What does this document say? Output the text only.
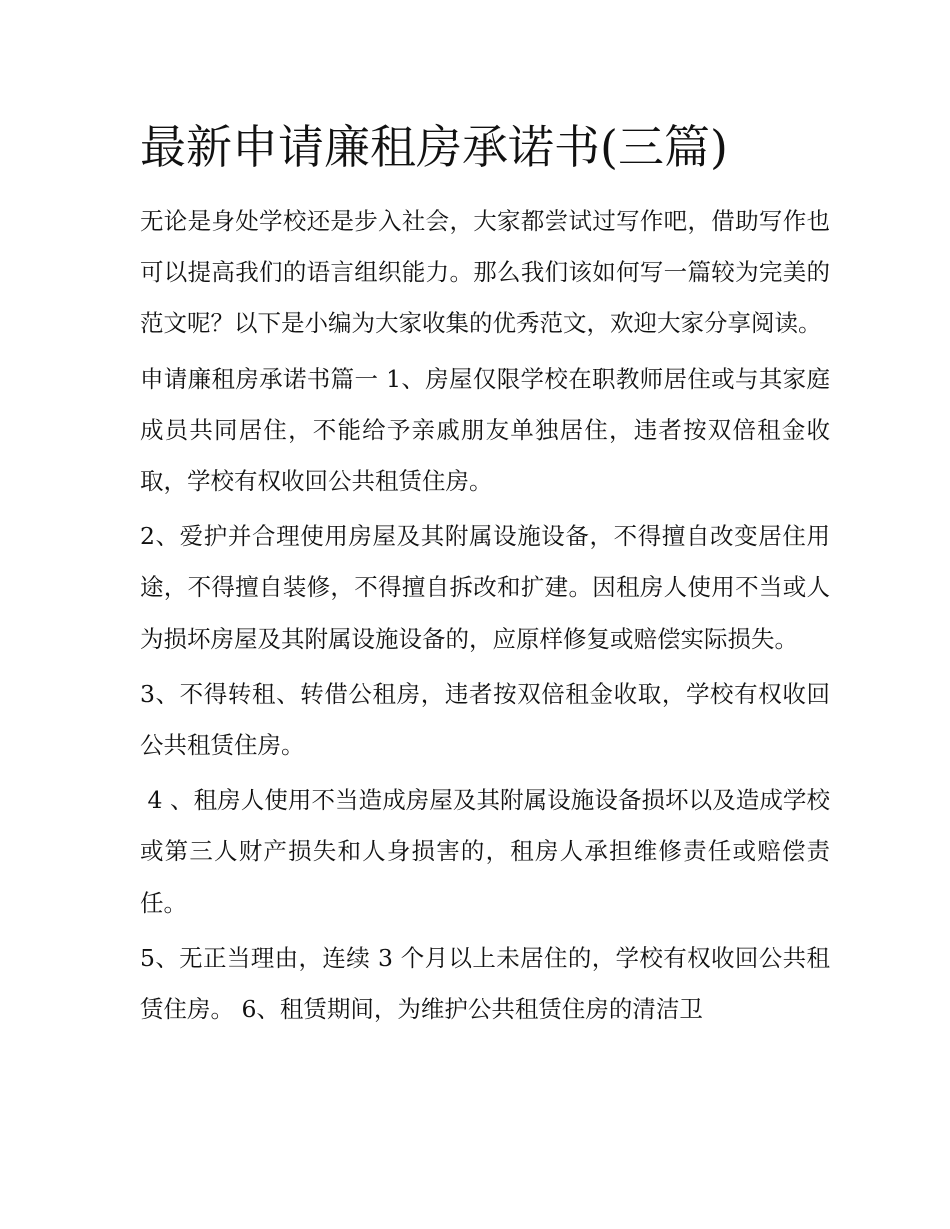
最新申请廉租房承诺书(三篇)

无论是身处学校还是步入社会，大家都尝试过写作吧，借助写作也可以提高我们的语言组织能力。那么我们该如何写一篇较为完美的范文呢？以下是小编为大家收集的优秀范文，欢迎大家分享阅读。

申请廉租房承诺书篇一 1、房屋仅限学校在职教师居住或与其家庭成员共同居住，不能给予亲戚朋友单独居住，违者按双倍租金收取，学校有权收回公共租赁住房。

2、爱护并合理使用房屋及其附属设施设备，不得擅自改变居住用途，不得擅自装修，不得擅自拆改和扩建。因租房人使用不当或人为损坏房屋及其附属设施设备的，应原样修复或赔偿实际损失。

3、不得转租、转借公租房，违者按双倍租金收取，学校有权收回公共租赁住房。

4 、租房人使用不当造成房屋及其附属设施设备损坏以及造成学校或第三人财产损失和人身损害的，租房人承担维修责任或赔偿责任。

5、无正当理由，连续 3 个月以上未居住的，学校有权收回公共租赁住房。 6、租赁期间，为维护公共租赁住房的清洁卫
